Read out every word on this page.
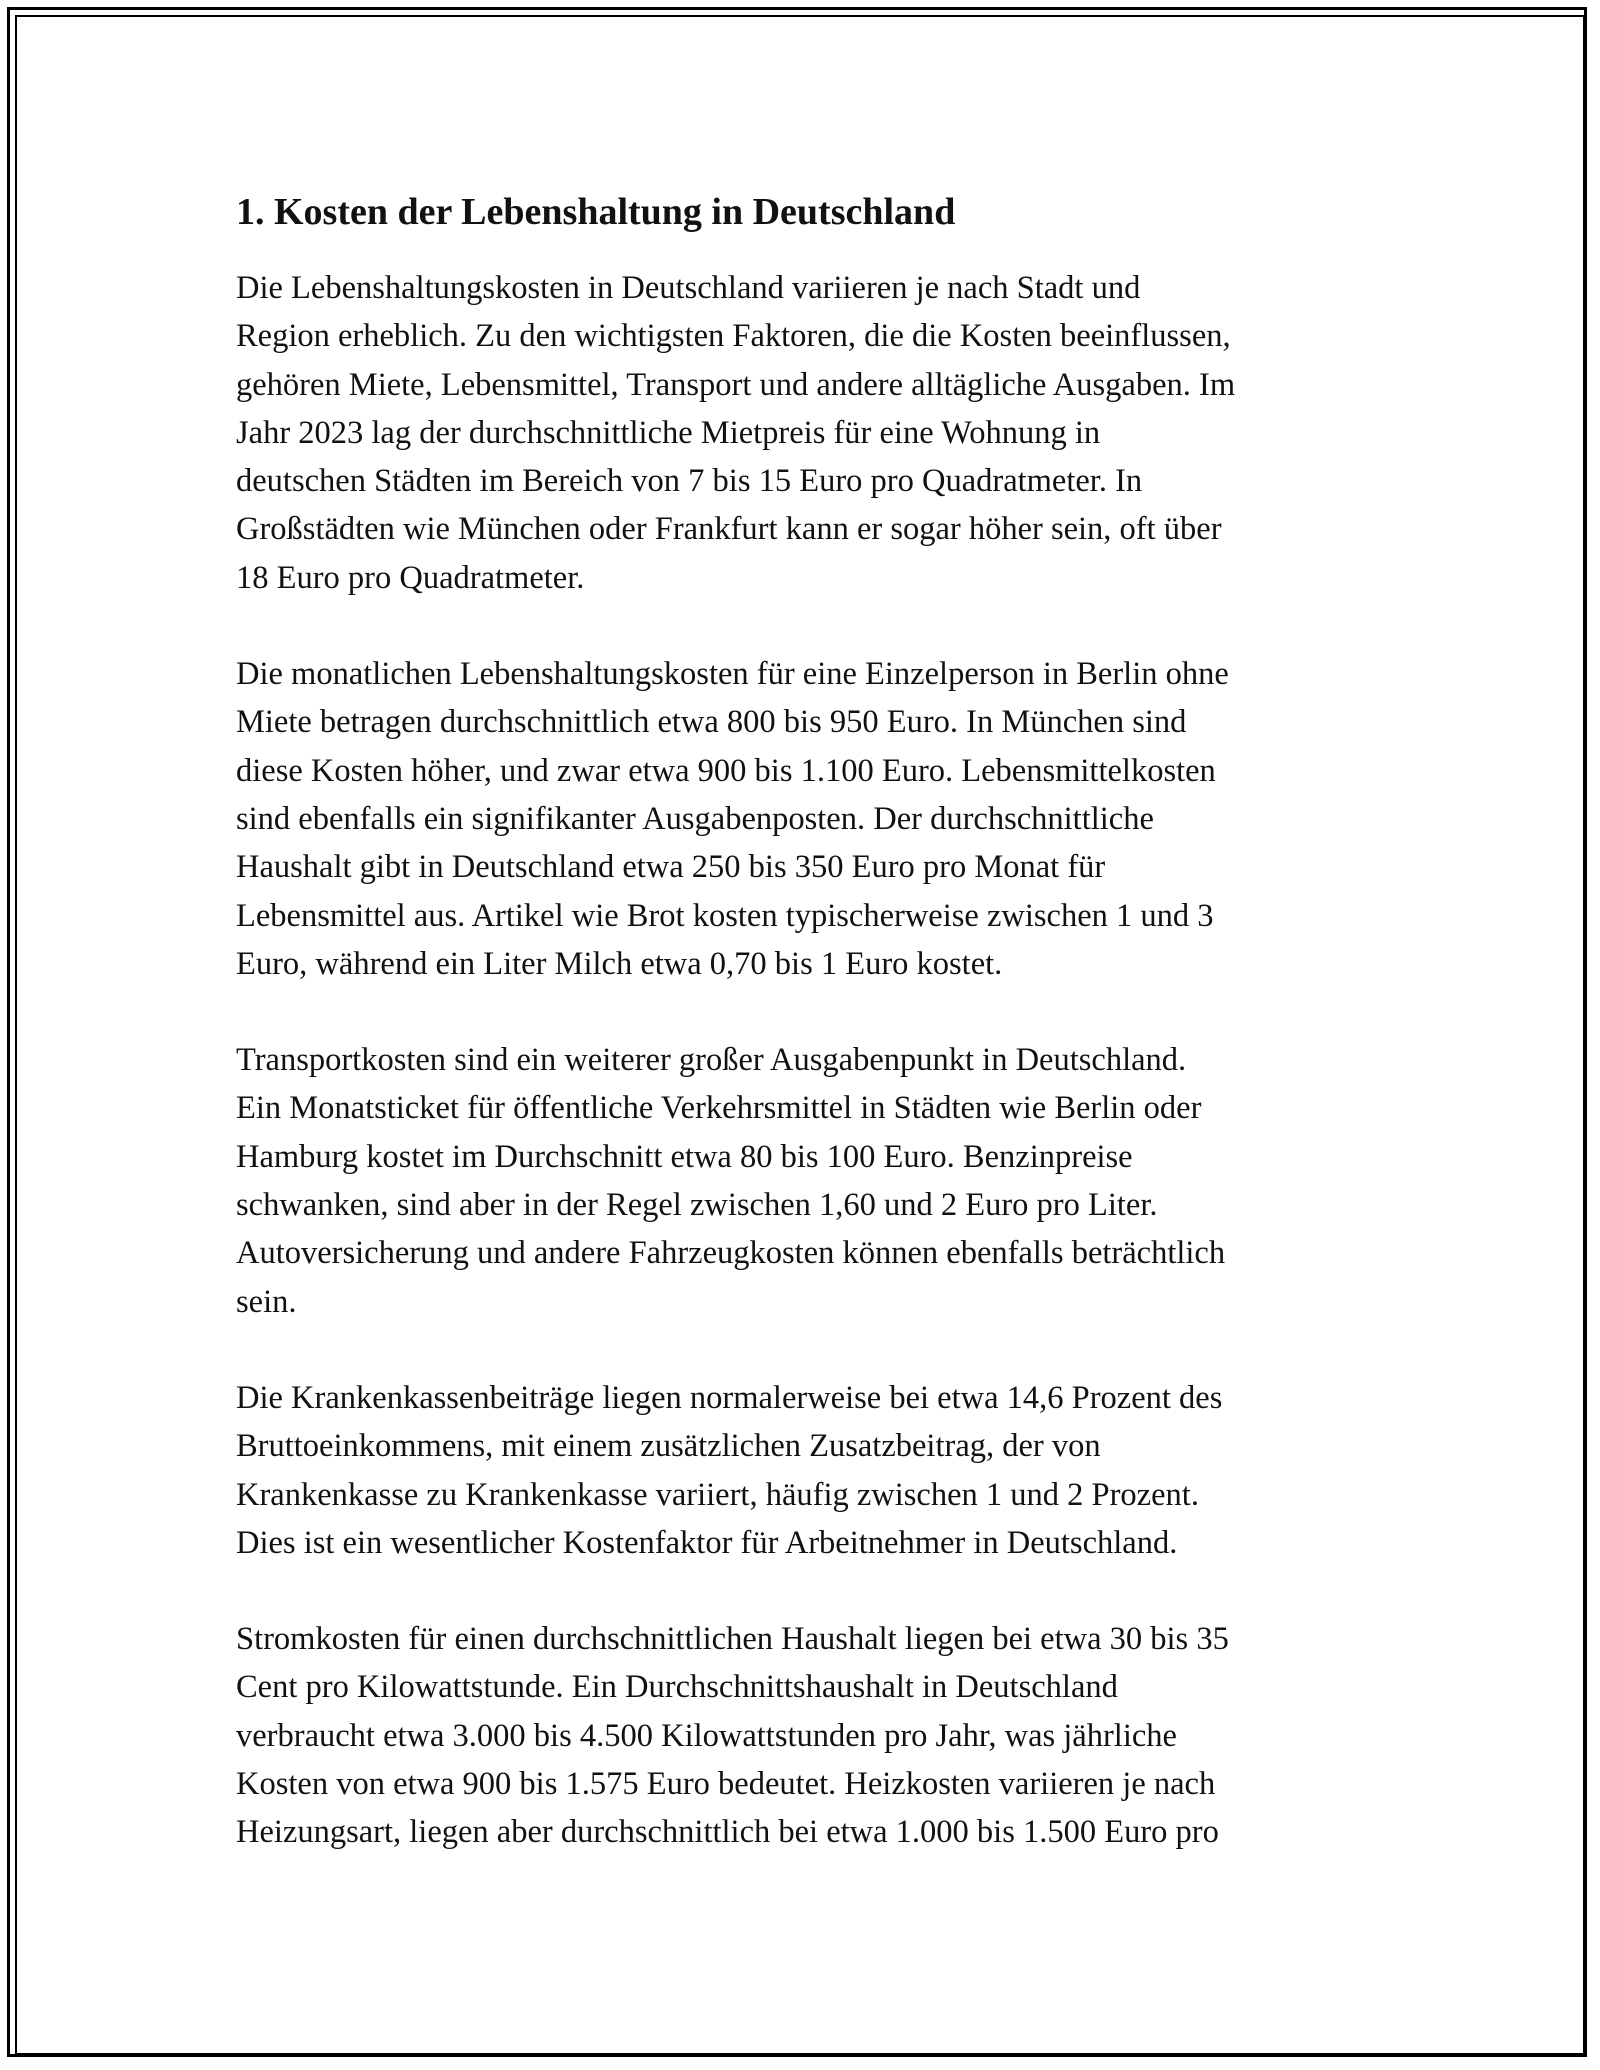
1. Kosten der Lebenshaltung in Deutschland

Die Lebenshaltungskosten in Deutschland variieren je nach Stadt und
Region erheblich. Zu den wichtigsten Faktoren, die die Kosten beeinflussen,
gehören Miete, Lebensmittel, Transport und andere alltägliche Ausgaben. Im
Jahr 2023 lag der durchschnittliche Mietpreis für eine Wohnung in
deutschen Städten im Bereich von 7 bis 15 Euro pro Quadratmeter. In
Großstädten wie München oder Frankfurt kann er sogar höher sein, oft über
18 Euro pro Quadratmeter.

Die monatlichen Lebenshaltungskosten für eine Einzelperson in Berlin ohne
Miete betragen durchschnittlich etwa 800 bis 950 Euro. In München sind
diese Kosten höher, und zwar etwa 900 bis 1.100 Euro. Lebensmittelkosten
sind ebenfalls ein signifikanter Ausgabenposten. Der durchschnittliche
Haushalt gibt in Deutschland etwa 250 bis 350 Euro pro Monat für
Lebensmittel aus. Artikel wie Brot kosten typischerweise zwischen 1 und 3
Euro, während ein Liter Milch etwa 0,70 bis 1 Euro kostet.

Transportkosten sind ein weiterer großer Ausgabenpunkt in Deutschland.
Ein Monatsticket für öffentliche Verkehrsmittel in Städten wie Berlin oder
Hamburg kostet im Durchschnitt etwa 80 bis 100 Euro. Benzinpreise
schwanken, sind aber in der Regel zwischen 1,60 und 2 Euro pro Liter.
Autoversicherung und andere Fahrzeugkosten können ebenfalls beträchtlich
sein.

Die Krankenkassenbeiträge liegen normalerweise bei etwa 14,6 Prozent des
Bruttoeinkommens, mit einem zusätzlichen Zusatzbeitrag, der von
Krankenkasse zu Krankenkasse variiert, häufig zwischen 1 und 2 Prozent.
Dies ist ein wesentlicher Kostenfaktor für Arbeitnehmer in Deutschland.

Stromkosten für einen durchschnittlichen Haushalt liegen bei etwa 30 bis 35
Cent pro Kilowattstunde. Ein Durchschnittshaushalt in Deutschland
verbraucht etwa 3.000 bis 4.500 Kilowattstunden pro Jahr, was jährliche
Kosten von etwa 900 bis 1.575 Euro bedeutet. Heizkosten variieren je nach
Heizungsart, liegen aber durchschnittlich bei etwa 1.000 bis 1.500 Euro pro
